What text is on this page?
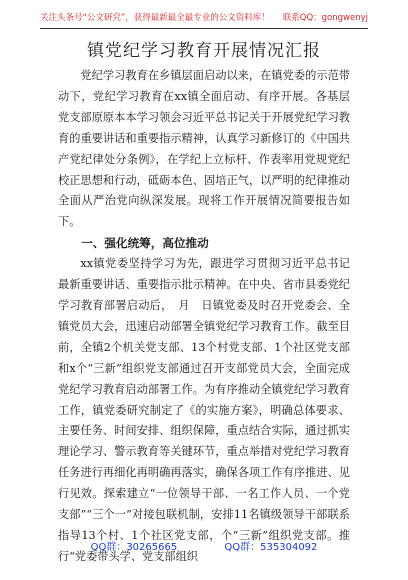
关注头条号“公文研究”，获得最新最全最专业的公文资料库！ 联系QQ：gongwenyj
镇党纪学习教育开展情况汇报

党纪学习教育在乡镇层面启动以来，在镇党委的示范带动下，党纪学习教育在xx镇全面启动、有序开展。各基层党支部原原本本学习领会习近平总书记关于开展党纪学习教育的重要讲话和重要指示精神，认真学习新修订的《中国共产党纪律处分条例》，在学纪上立标杆、作表率用党规党纪校正思想和行动，砥砺本色、固培正气，以严明的纪律推动全面从严治党向纵深发展。现将工作开展情况简要报告如下。

一、强化统筹，高位推动

xx镇党委坚持学习为先，跟进学习贯彻习近平总书记最新重要讲话、重要指示批示精神。在中央、省市县委党纪学习教育部署启动后，　月　日镇党委及时召开党委会、全镇党员大会，迅速启动部署全镇党纪学习教育工作。截至目前，全镇2个机关党支部、13个村党支部、1个社区党支部和x个“三新”组织党支部通过召开支部党员大会，全面完成党纪学习教育启动部署工作。为有序推动全镇党纪学习教育工作，镇党委研究制定了《的实施方案》，明确总体要求、主要任务、时间安排、组织保障，重点结合实际，通过抓实理论学习、警示教育等关键环节，重点举措对党纪学习教育任务进行再细化再明确再落实，确保各项工作有序推进、见行见效。探索建立“一位领导干部、一名工作人员、一个党支部”“三个一”对接包联机制，安排11名镇级领导干部联系指导13个村、1个社区党支部，个“三新”组织党支部。推行“党委带头学、党支部组织

QQ群：30265665	QQ群：535304092
